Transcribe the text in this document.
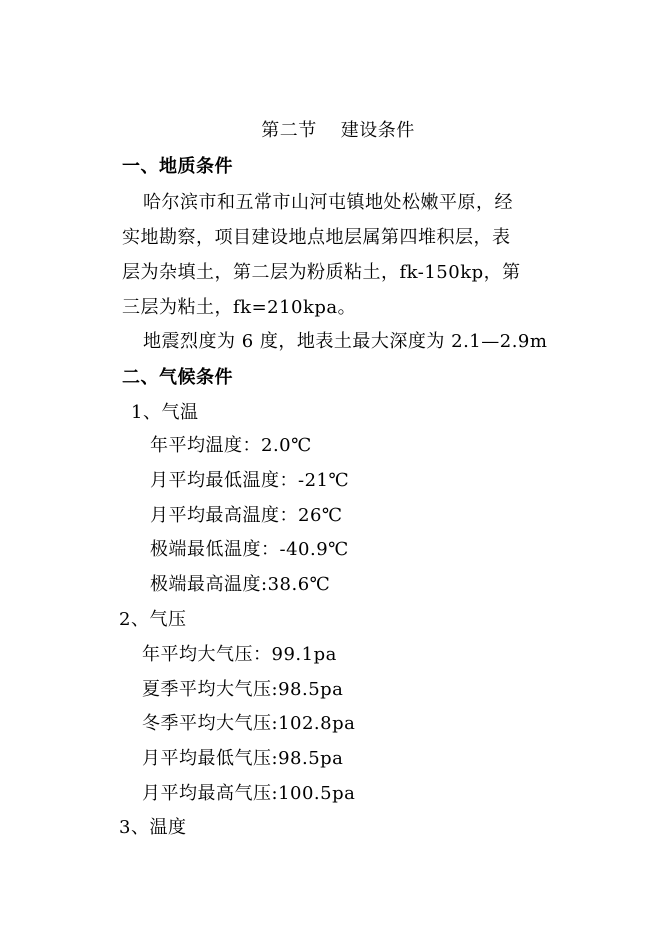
第二节 建设条件
一、地质条件
哈尔滨市和五常市山河屯镇地处松嫩平原，经
实地勘察，项目建设地点地层属第四堆积层，表
层为杂填土，第二层为粉质粘土，fk-150kp，第
三层为粘土，fk=210kpa。
地震烈度为 6 度，地表土最大深度为 2.1—2.9m
二、气候条件
1、气温
年平均温度：2.0℃
月平均最低温度：-21℃
月平均最高温度：26℃
极端最低温度：-40.9℃
极端最高温度:38.6℃
2、气压
年平均大气压：99.1pa
夏季平均大气压:98.5pa
冬季平均大气压:102.8pa
月平均最低气压:98.5pa
月平均最高气压:100.5pa
3、温度
